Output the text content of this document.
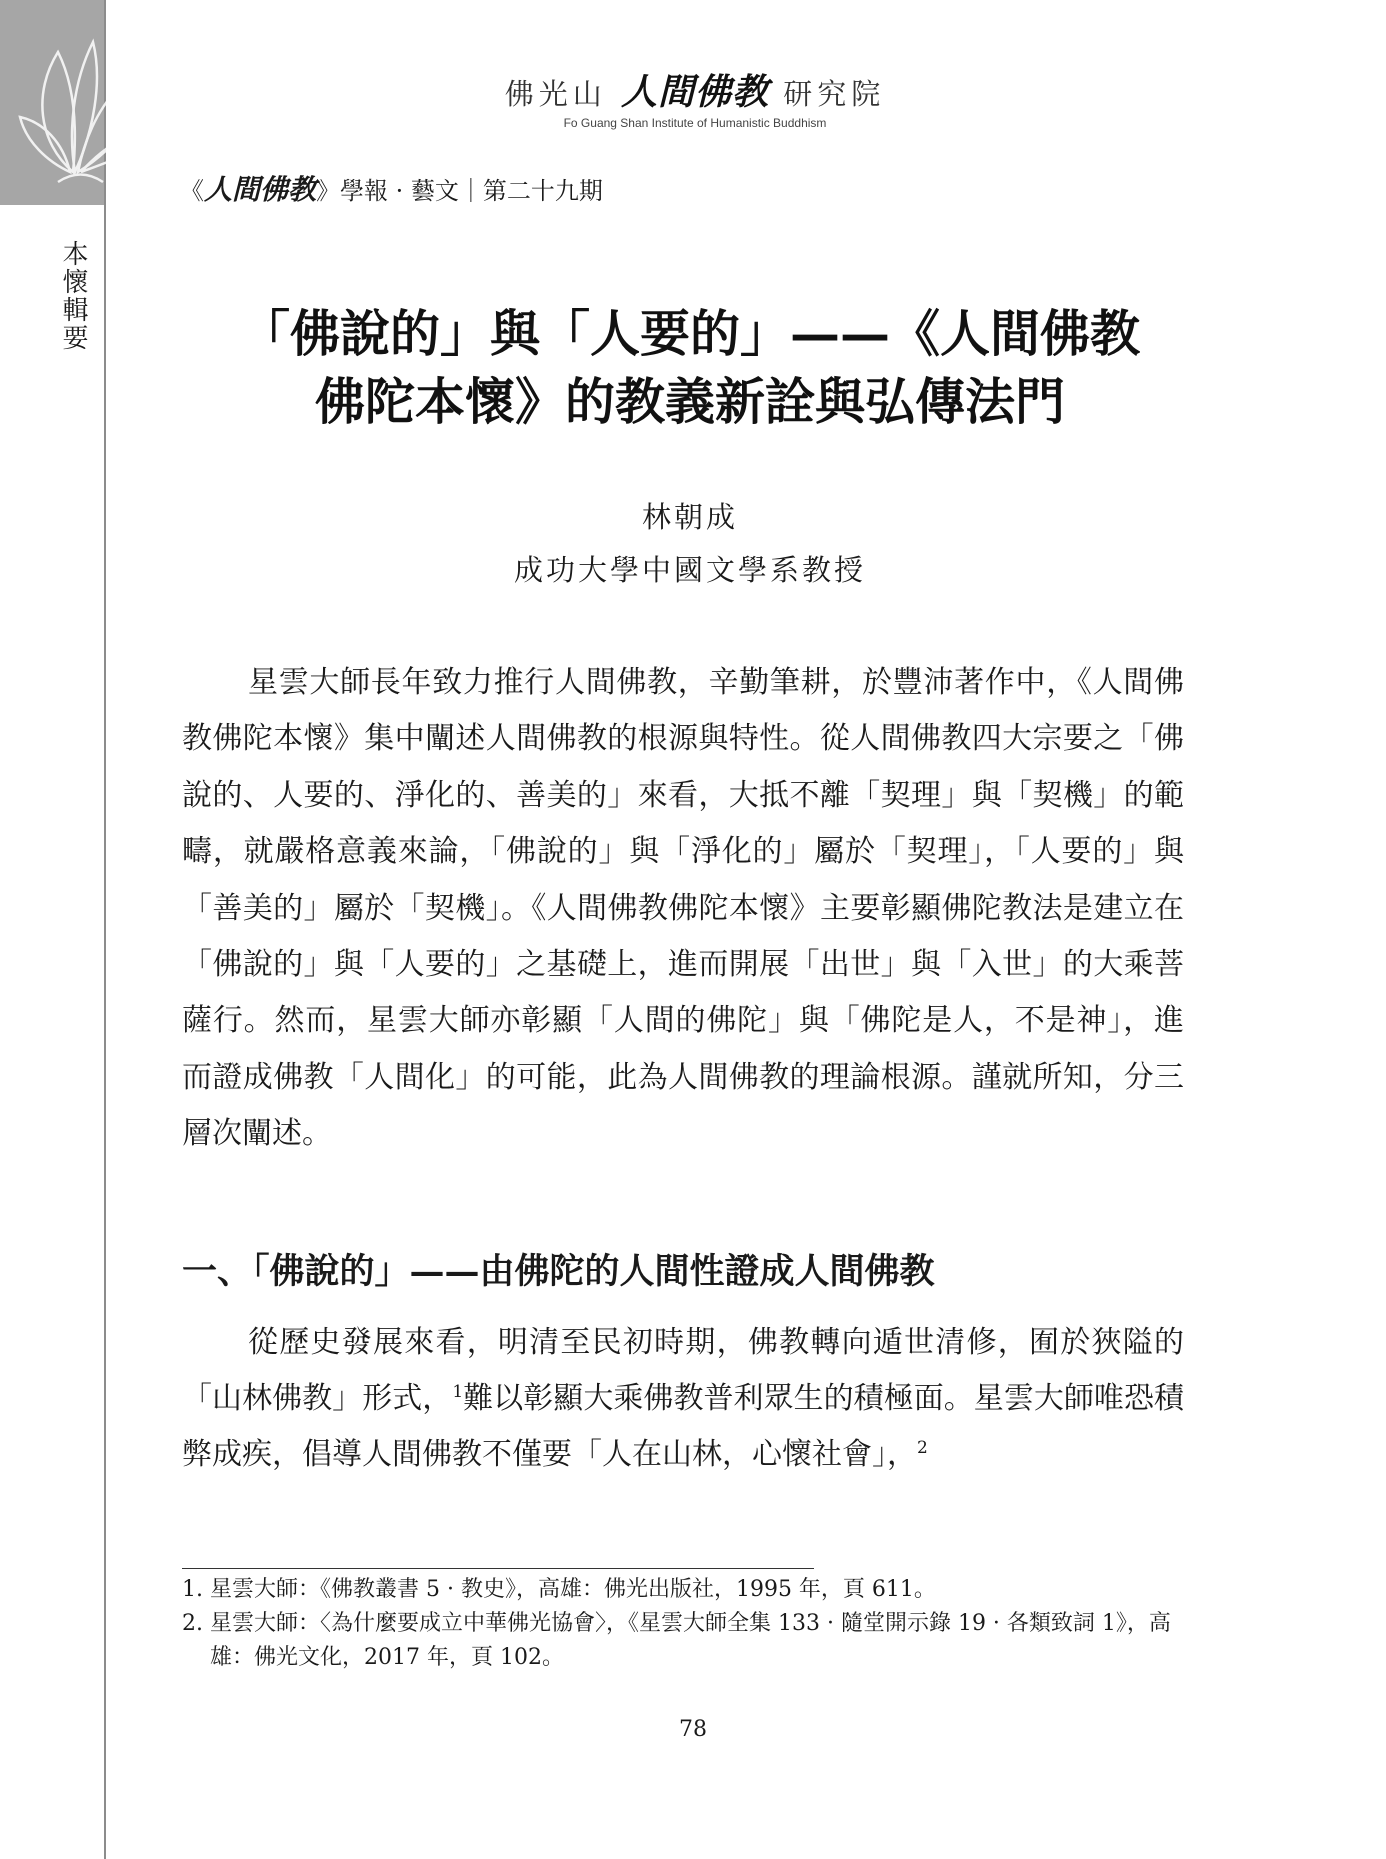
本懷輯要
佛光山 人間佛教 研究院
Fo Guang Shan Institute of Humanistic Buddhism
《人間佛教》學報 · 藝文｜第二十九期
「佛說的」與「人要的」——《人間佛教
佛陀本懷》的教義新詮與弘傳法門
林朝成
成功大學中國文學系教授

星雲大師長年致力推行人間佛教，辛勤筆耕，於豐沛著作中，《人間佛教佛陀本懷》集中闡述人間佛教的根源與特性。從人間佛教四大宗要之「佛說的、人要的、淨化的、善美的」來看，大抵不離「契理」與「契機」的範疇，就嚴格意義來論，「佛說的」與「淨化的」屬於「契理」，「人要的」與「善美的」屬於「契機」。《人間佛教佛陀本懷》主要彰顯佛陀教法是建立在「佛說的」與「人要的」之基礎上，進而開展「出世」與「入世」的大乘菩薩行。然而，星雲大師亦彰顯「人間的佛陀」與「佛陀是人，不是神」，進而證成佛教「人間化」的可能，此為人間佛教的理論根源。謹就所知，分三層次闡述。

一、「佛說的」——由佛陀的人間性證成人間佛教

從歷史發展來看，明清至民初時期，佛教轉向遁世清修，囿於狹隘的「山林佛教」形式，$^1$難以彰顯大乘佛教普利眾生的積極面。星雲大師唯恐積弊成疾，倡導人間佛教不僅要「人在山林，心懷社會」，$^2$

1. 星雲大師：《佛教叢書 5 · 教史》，高雄：佛光出版社，1995 年，頁 611。
2. 星雲大師：〈為什麼要成立中華佛光協會〉，《星雲大師全集 133 · 隨堂開示錄 19 · 各類致詞 1》，高雄：佛光文化，2017 年，頁 102。
78
